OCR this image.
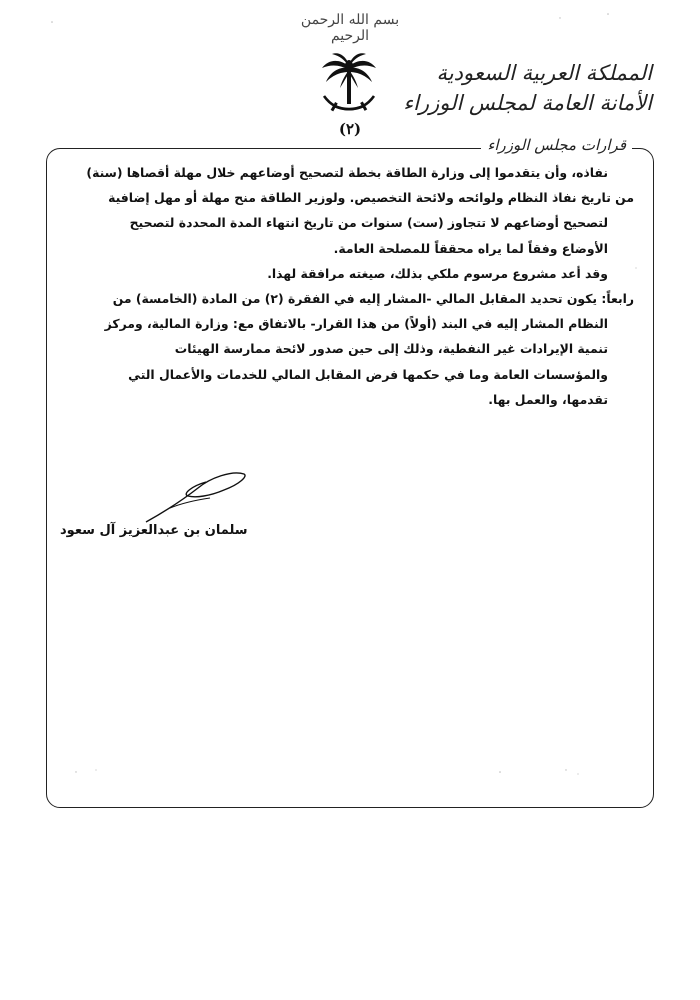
بسم الله الرحمن الرحيم
(٢)
المملكة العربية السعودية
الأمانة العامة لمجلس الوزراء
قرارات مجلس الوزراء

نفاذه، وأن يتقدموا إلى وزارة الطاقة بخطة لتصحيح أوضاعهم خلال مهلة أقصاها (سنة)

من تاريخ نفاذ النظام ولوائحه ولائحة التخصيص. ولوزير الطاقة منح مهلة أو مهل إضافية

لتصحيح أوضاعهم لا تتجاوز (ست) سنوات من تاريخ انتهاء المدة المحددة لتصحيح

الأوضاع وفقاً لما يراه محققاً للمصلحة العامة.

وقد أعد مشروع مرسوم ملكي بذلك، صيغته مرافقة لهذا.

رابعاً: يكون تحديد المقابل المالي -المشار إليه في الفقرة (٢) من المادة (الخامسة) من

النظام المشار إليه في البند (أولاً) من هذا القرار- بالاتفاق مع: وزارة المالية، ومركز

تنمية الإيرادات غير النفطية، وذلك إلى حين صدور لائحة ممارسة الهيئات

والمؤسسات العامة وما في حكمها فرض المقابل المالي للخدمات والأعمال التي

تقدمها، والعمل بها.

سلمان بن عبدالعزيز آل سعود
